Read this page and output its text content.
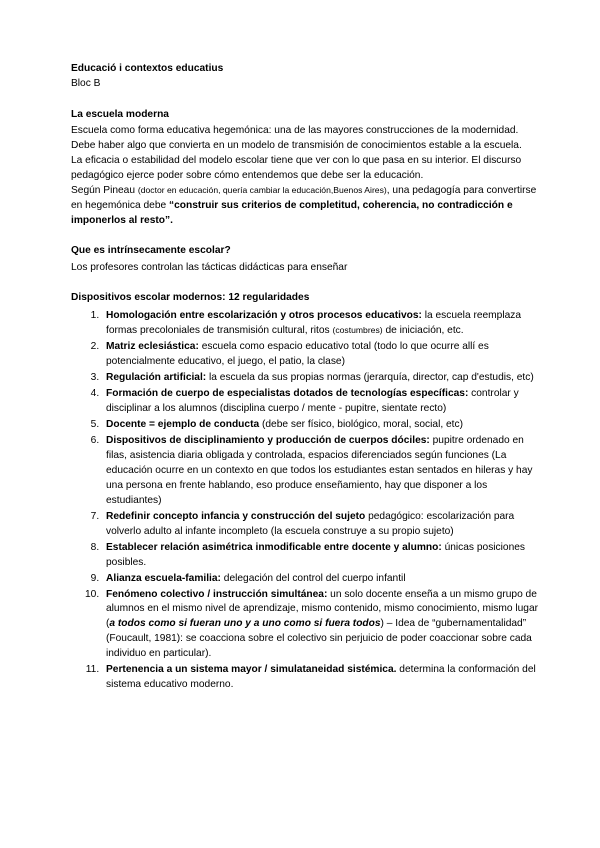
Educació i contextos educatius
Bloc B
La escuela moderna

Escuela como forma educativa hegemónica: una de las mayores construcciones de la modernidad. Debe haber algo que convierta en un modelo de transmisión de conocimientos estable a la escuela.

La eficacia o estabilidad del modelo escolar tiene que ver con lo que pasa en su interior. El discurso pedagógico ejerce poder sobre cómo entendemos que debe ser la educación.

Según Pineau (doctor en educación, quería cambiar la educación,Buenos Aires), una pedagogía para convertirse en hegemónica debe “construir sus criterios de completitud, coherencia, no contradicción e imponerlos al resto”.

Que es intrínsecamente escolar?

Los profesores controlan las tácticas didácticas para enseñar

Dispositivos escolar modernos: 12 regularidades
1. Homologación entre escolarización y otros procesos educativos: la escuela reemplaza formas precoloniales de transmisión cultural, ritos (costumbres) de iniciación, etc.
2. Matriz eclesiástica: escuela como espacio educativo total (todo lo que ocurre allí es potencialmente educativo, el juego, el patio, la clase)
3. Regulación artificial: la escuela da sus propias normas (jerarquía, director, cap d'estudis, etc)
4. Formación de cuerpo de especialistas dotados de tecnologías específicas: controlar y disciplinar a los alumnos (disciplina cuerpo / mente - pupitre, sientate recto)
5. Docente = ejemplo de conducta (debe ser físico, biológico, moral, social, etc)
6. Dispositivos de disciplinamiento y producción de cuerpos dóciles: pupitre ordenado en filas, asistencia diaria obligada y controlada, espacios diferenciados según funciones (La educación ocurre en un contexto en que todos los estudiantes estan sentados en hileras y hay una persona en frente hablando, eso produce enseñamiento, hay que disponer a los estudiantes)
7. Redefinir concepto infancia y construcción del sujeto pedagógico: escolarización para volverlo adulto al infante incompleto (la escuela construye a su propio sujeto)
8. Establecer relación asimétrica inmodificable entre docente y alumno: únicas posiciones posibles.
9. Alianza escuela-familia: delegación del control del cuerpo infantil
10. Fenómeno colectivo / instrucción simultánea: un solo docente enseña a un mismo grupo de alumnos en el mismo nivel de aprendizaje, mismo contenido, mismo conocimiento, mismo lugar (a todos como si fueran uno y a uno como si fuera todos) – Idea de “gubernamentalidad” (Foucault, 1981): se coacciona sobre el colectivo sin perjuicio de poder coaccionar sobre cada individuo en particular).
11. Pertenencia a un sistema mayor / simulataneidad sistémica. determina la conformación del sistema educativo moderno.
